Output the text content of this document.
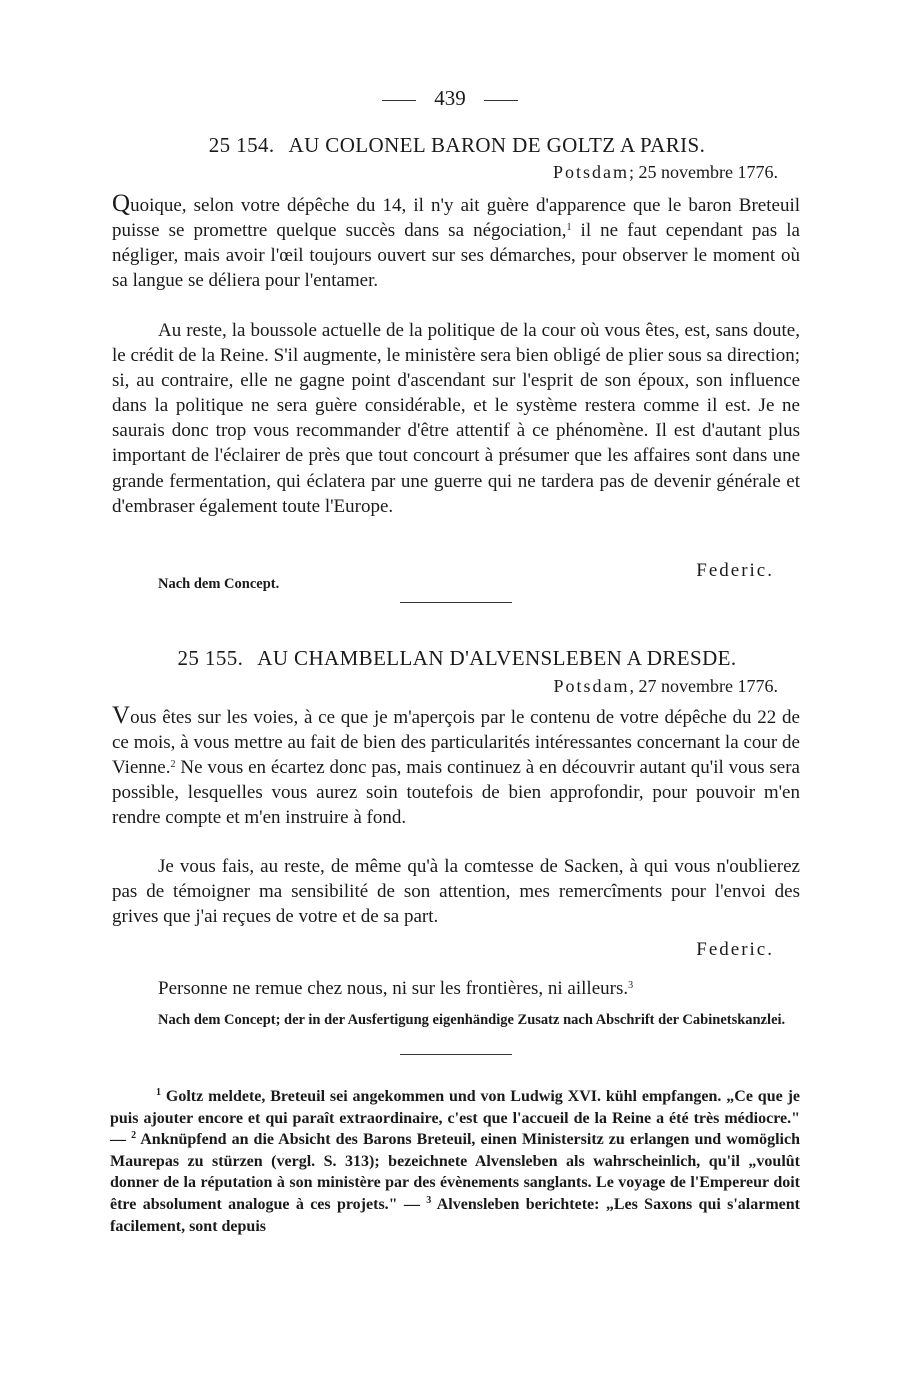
439
25 154. AU COLONEL BARON DE GOLTZ A PARIS.
Potsdam; 25 novembre 1776.

Quoique, selon votre dépêche du 14, il n'y ait guère d'apparence que le baron Breteuil puisse se promettre quelque succès dans sa négociation,$^1$ il ne faut cependant pas la négliger, mais avoir l'œil toujours ouvert sur ses démarches, pour observer le moment où sa langue se déliera pour l'entamer.

Au reste, la boussole actuelle de la politique de la cour où vous êtes, est, sans doute, le crédit de la Reine. S'il augmente, le ministère sera bien obligé de plier sous sa direction; si, au contraire, elle ne gagne point d'ascendant sur l'esprit de son époux, son influence dans la politique ne sera guère considérable, et le système restera comme il est. Je ne saurais donc trop vous recommander d'être attentif à ce phénomène. Il est d'autant plus important de l'éclairer de près que tout concourt à présumer que les affaires sont dans une grande fermentation, qui éclatera par une guerre qui ne tardera pas de devenir générale et d'embraser également toute l'Europe.

Federic.

Nach dem Concept.

25 155. AU CHAMBELLAN D'ALVENSLEBEN A DRESDE.
Potsdam, 27 novembre 1776.

Vous êtes sur les voies, à ce que je m'aperçois par le contenu de votre dépêche du 22 de ce mois, à vous mettre au fait de bien des particularités intéressantes concernant la cour de Vienne.$^2$ Ne vous en écartez donc pas, mais continuez à en découvrir autant qu'il vous sera possible, lesquelles vous aurez soin toutefois de bien approfondir, pour pouvoir m'en rendre compte et m'en instruire à fond.

Je vous fais, au reste, de même qu'à la comtesse de Sacken, à qui vous n'oublierez pas de témoigner ma sensibilité de son attention, mes remercîments pour l'envoi des grives que j'ai reçues de votre et de sa part.

Federic.

Personne ne remue chez nous, ni sur les frontières, ni ailleurs.$^3$

Nach dem Concept; der in der Ausfertigung eigenhändige Zusatz nach Abschrift der Cabinetskanzlei.

$^1$ Goltz meldete, Breteuil sei angekommen und von Ludwig XVI. kühl empfangen. „Ce que je puis ajouter encore et qui paraît extraordinaire, c'est que l'accueil de la Reine a été très médiocre." — $^2$ Anknüpfend an die Absicht des Barons Breteuil, einen Ministersitz zu erlangen und womöglich Maurepas zu stürzen (vergl. S. 313); bezeichnete Alvensleben als wahrscheinlich, qu'il „voulût donner de la réputation à son ministère par des évènements sanglants. Le voyage de l'Empereur doit être absolument analogue à ces projets." — $^3$ Alvensleben berichtete: „Les Saxons qui s'alarment facilement, sont depuis
